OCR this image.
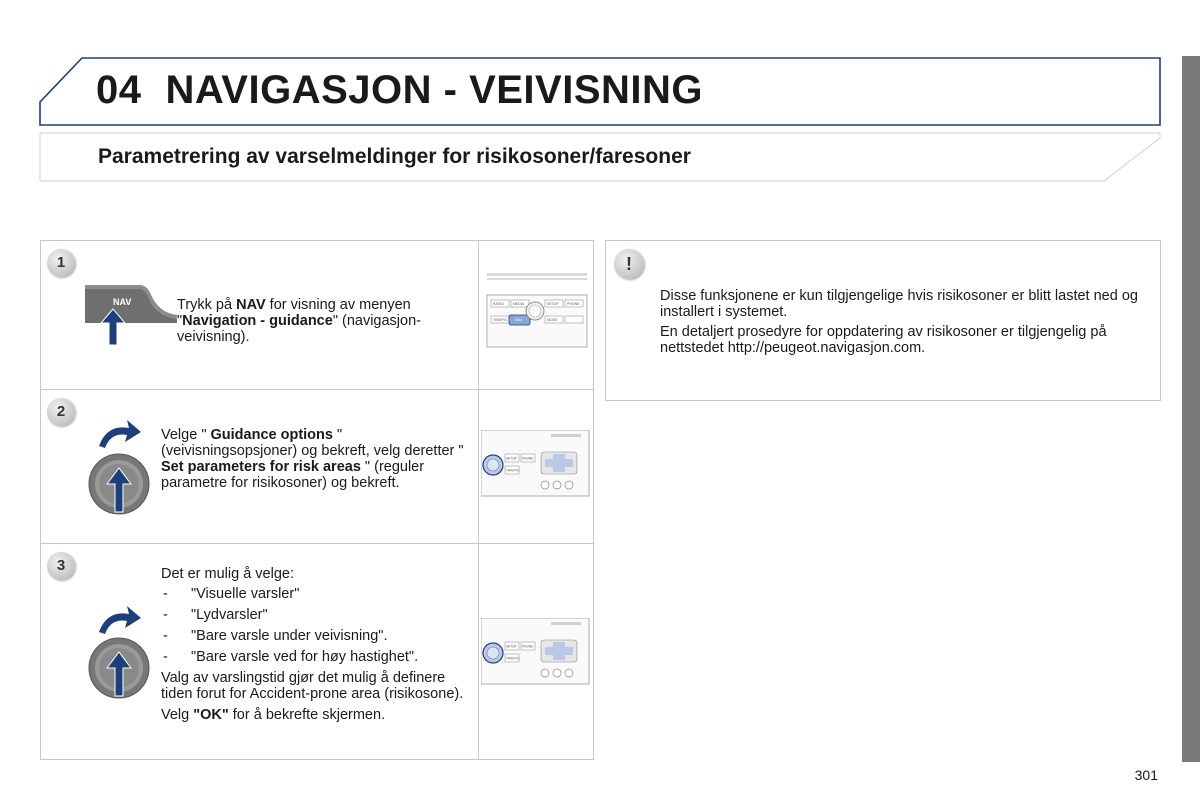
04 NAVIGASJON - VEIVISNING
Parametrering av varselmeldinger for risikosoner/faresoner
1
NAV	Trykk på NAV for visning av menyen "Navigation - guidance" (navigasjon-veivisning).
RADIO	MEDIA	SETUP PHONE
NAV
TRAFFIC	MODE
2
Velge " Guidance options " (veivisningsopsjoner) og bekreft, velg deretter " Set parameters for risk areas " (reguler parametre for risikosoner) og bekreft.
SETUP PHONE
TRAFFIC
3	Det er mulig å velge:
- "Visuelle varsler"
- "Lydvarsler"
- "Bare varsle under veivisning".
- "Bare varsle ved for høy hastighet".
Valg av varslingstid gjør det mulig å definere tiden forut for Accident-prone area (risikosone).
Velg "OK" for å bekrefte skjermen.
SETUP PHONE
TRAFFIC
!
Disse funksjonene er kun tilgjengelige hvis risikosoner er blitt lastet ned og installert i systemet.
En detaljert prosedyre for oppdatering av risikosoner er tilgjengelig på nettstedet http://peugeot.navigasjon.com.
301
